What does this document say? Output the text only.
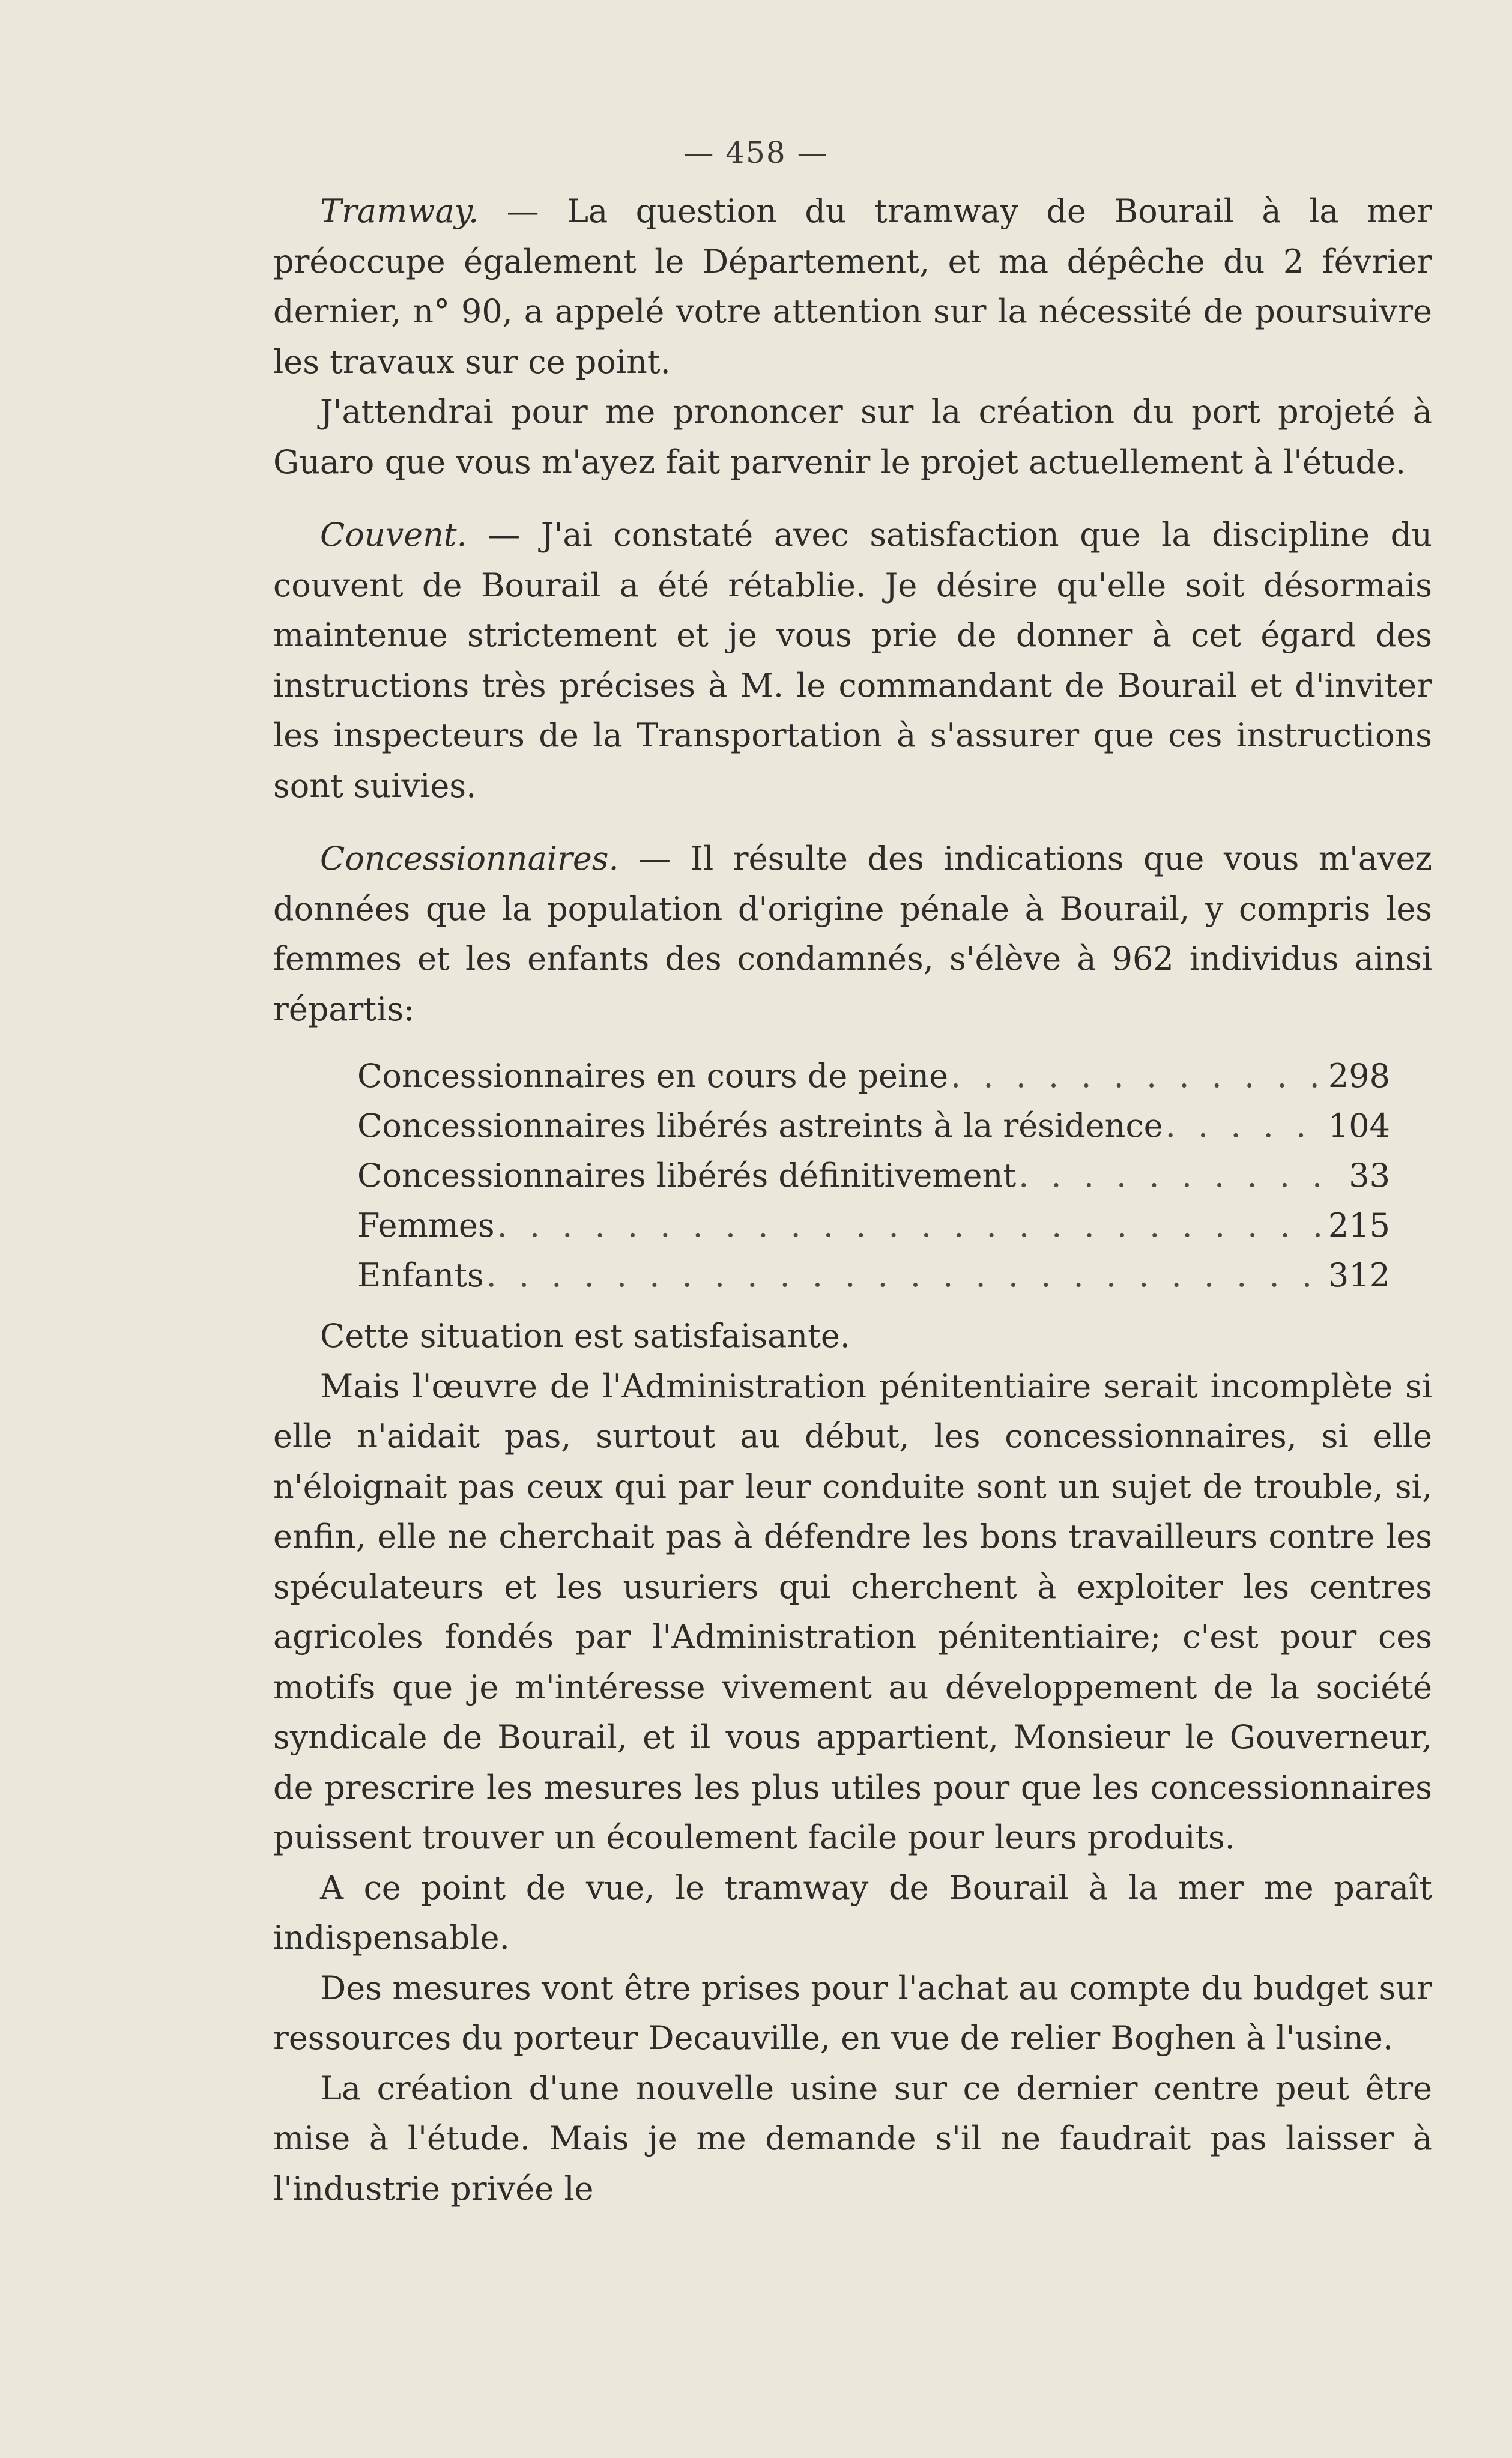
— 458 —

Tramway. — La question du tramway de Bourail à la mer préoccupe également le Département, et ma dépêche du 2 février dernier, n° 90, a appelé votre attention sur la nécessité de poursuivre les travaux sur ce point.

J'attendrai pour me prononcer sur la création du port projeté à Guaro que vous m'ayez fait parvenir le projet actuellement à l'étude.

Couvent. — J'ai constaté avec satisfaction que la discipline du couvent de Bourail a été rétablie. Je désire qu'elle soit désormais maintenue strictement et je vous prie de donner à cet égard des instructions très précises à M. le commandant de Bourail et d'inviter les inspecteurs de la Transportation à s'assurer que ces instructions sont suivies.

Concessionnaires. — Il résulte des indications que vous m'avez données que la population d'origine pénale à Bourail, y compris les femmes et les enfants des condamnés, s'élève à 962 individus ainsi répartis:

Concessionnaires en cours de peine . . .	298
Concessionnaires libérés astreints à la résidence . . .	104
Concessionnaires libérés définitivement . . .	33
Femmes . . .	215
Enfants . . .	312

Cette situation est satisfaisante.

Mais l'œuvre de l'Administration pénitentiaire serait incomplète si elle n'aidait pas, surtout au début, les concessionnaires, si elle n'éloignait pas ceux qui par leur conduite sont un sujet de trouble, si, enfin, elle ne cherchait pas à défendre les bons travailleurs contre les spéculateurs et les usuriers qui cherchent à exploiter les centres agricoles fondés par l'Administration pénitentiaire; c'est pour ces motifs que je m'intéresse vivement au développement de la société syndicale de Bourail, et il vous appartient, Monsieur le Gouverneur, de prescrire les mesures les plus utiles pour que les concessionnaires puissent trouver un écoulement facile pour leurs produits.

A ce point de vue, le tramway de Bourail à la mer me paraît indispensable.

Des mesures vont être prises pour l'achat au compte du budget sur ressources du porteur Decauville, en vue de relier Boghen à l'usine.

La création d'une nouvelle usine sur ce dernier centre peut être mise à l'étude. Mais je me demande s'il ne faudrait pas laisser à l'industrie privée le
